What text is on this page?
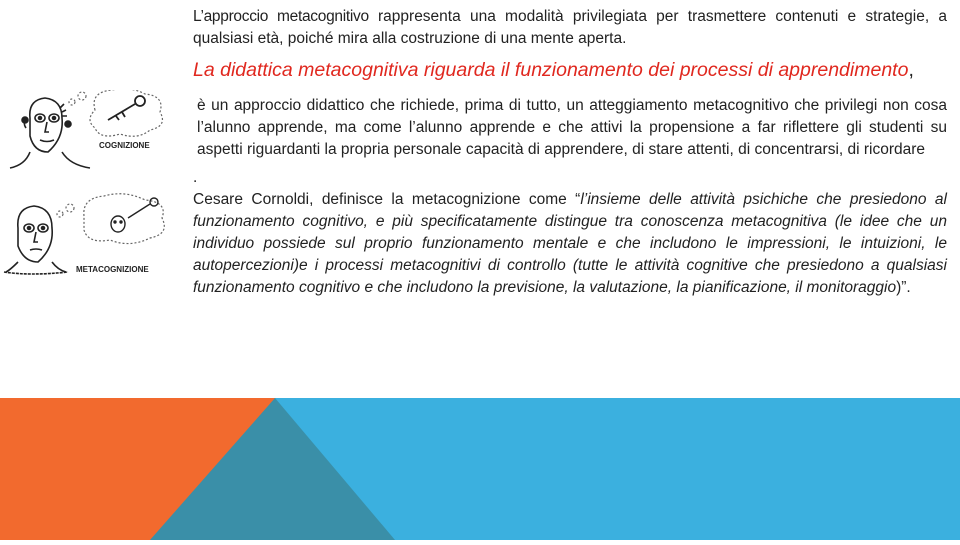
COGNIZIONE
METACOGNIZIONE

L’approccio metacognitivo rappresenta una modalità privilegiata per trasmettere contenuti e strategie, a qualsiasi età, poiché mira alla costruzione di una mente aperta.

La didattica metacognitiva riguarda il funzionamento dei processi di apprendimento,

è un approccio didattico che richiede, prima di tutto, un atteggiamento metacognitivo che privilegi non cosa l’alunno apprende, ma come l’alunno apprende e che attivi la propensione a far riflettere gli studenti su aspetti riguardanti la propria personale capacità di apprendere, di stare attenti, di concentrarsi, di ricordare

.

Cesare Cornoldi, definisce la metacognizione come “l’insieme delle attività psichiche che presiedono al funzionamento cognitivo, e più specificatamente distingue tra conoscenza metacognitiva (le idee che un individuo possiede sul proprio funzionamento mentale e che includono le impressioni, le intuizioni, le autopercezioni)e i processi metacognitivi di controllo (tutte le attività cognitive che presiedono a qualsiasi funzionamento cognitivo e che includono la previsione, la valutazione, la pianificazione, il monitoraggio)”.
